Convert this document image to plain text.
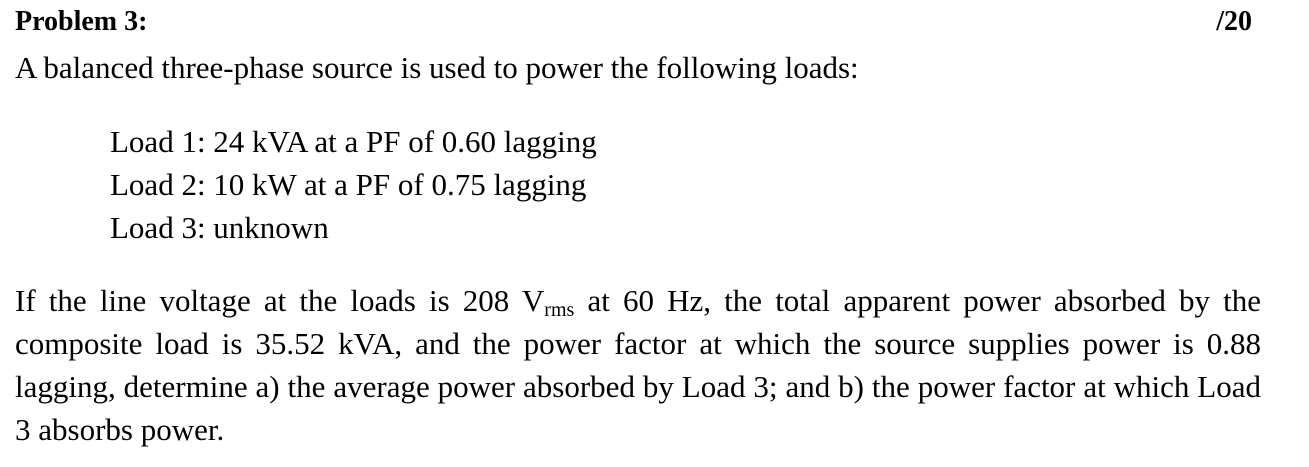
Problem 3:	/20
A balanced three-phase source is used to power the following loads:
Load 1: 24 kVA at a PF of 0.60 lagging
Load 2: 10 kW at a PF of 0.75 lagging
Load 3: unknown

If the line voltage at the loads is 208 $V_{rms}$ at 60 Hz, the total apparent power absorbed by the composite load is 35.52 kVA, and the power factor at which the source supplies power is 0.88 lagging, determine a) the average power absorbed by Load 3; and b) the power factor at which Load 3 absorbs power.
